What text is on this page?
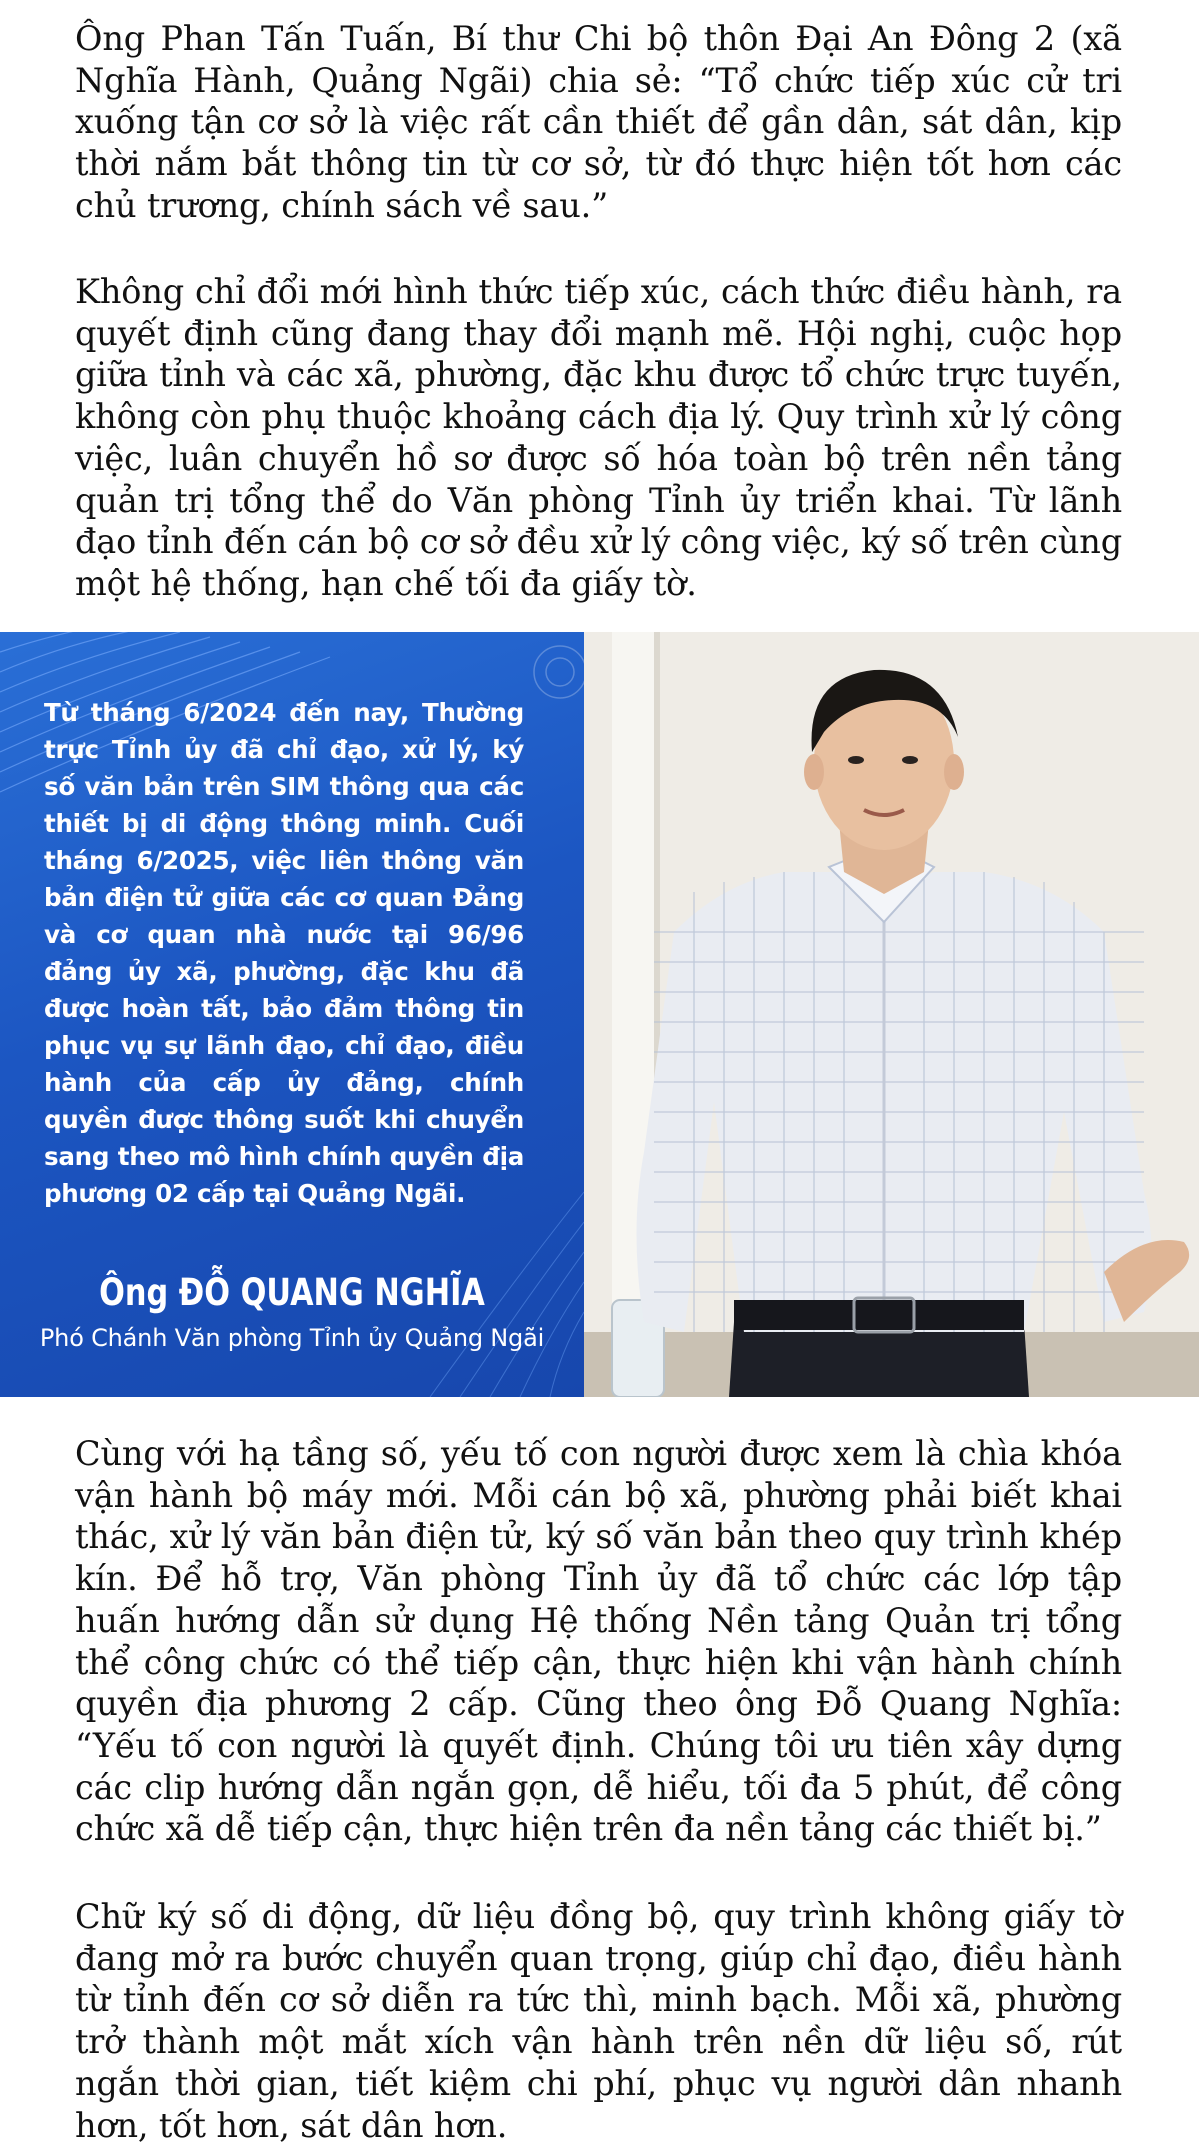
Ông Phan Tấn Tuấn, Bí thư Chi bộ thôn Đại An Đông 2 (xã Nghĩa Hành, Quảng Ngãi) chia sẻ: “Tổ chức tiếp xúc cử tri xuống tận cơ sở là việc rất cần thiết để gần dân, sát dân, kịp thời nắm bắt thông tin từ cơ sở, từ đó thực hiện tốt hơn các chủ trương, chính sách về sau.”

Không chỉ đổi mới hình thức tiếp xúc, cách thức điều hành, ra quyết định cũng đang thay đổi mạnh mẽ. Hội nghị, cuộc họp giữa tỉnh và các xã, phường, đặc khu được tổ chức trực tuyến, không còn phụ thuộc khoảng cách địa lý. Quy trình xử lý công việc, luân chuyển hồ sơ được số hóa toàn bộ trên nền tảng quản trị tổng thể do Văn phòng Tỉnh ủy triển khai. Từ lãnh đạo tỉnh đến cán bộ cơ sở đều xử lý công việc, ký số trên cùng một hệ thống, hạn chế tối đa giấy tờ.

Từ tháng 6/2024 đến nay, Thường trực Tỉnh ủy đã chỉ đạo, xử lý, ký số văn bản trên SIM thông qua các thiết bị di động thông minh. Cuối tháng 6/2025, việc liên thông văn bản điện tử giữa các cơ quan Đảng và cơ quan nhà nước tại 96/96 đảng ủy xã, phường, đặc khu đã được hoàn tất, bảo đảm thông tin phục vụ sự lãnh đạo, chỉ đạo, điều hành của cấp ủy đảng, chính quyền được thông suốt khi chuyển sang theo mô hình chính quyền địa phương 02 cấp tại Quảng Ngãi.

Ông ĐỖ QUANG NGHĨA
Phó Chánh Văn phòng Tỉnh ủy Quảng Ngãi

Cùng với hạ tầng số, yếu tố con người được xem là chìa khóa vận hành bộ máy mới. Mỗi cán bộ xã, phường phải biết khai thác, xử lý văn bản điện tử, ký số văn bản theo quy trình khép kín. Để hỗ trợ, Văn phòng Tỉnh ủy đã tổ chức các lớp tập huấn hướng dẫn sử dụng Hệ thống Nền tảng Quản trị tổng thể công chức có thể tiếp cận, thực hiện khi vận hành chính quyền địa phương 2 cấp. Cũng theo ông Đỗ Quang Nghĩa: “Yếu tố con người là quyết định. Chúng tôi ưu tiên xây dựng các clip hướng dẫn ngắn gọn, dễ hiểu, tối đa 5 phút, để công chức xã dễ tiếp cận, thực hiện trên đa nền tảng các thiết bị.”

Chữ ký số di động, dữ liệu đồng bộ, quy trình không giấy tờ đang mở ra bước chuyển quan trọng, giúp chỉ đạo, điều hành từ tỉnh đến cơ sở diễn ra tức thì, minh bạch. Mỗi xã, phường trở thành một mắt xích vận hành trên nền dữ liệu số, rút ngắn thời gian, tiết kiệm chi phí, phục vụ người dân nhanh hơn, tốt hơn, sát dân hơn.
